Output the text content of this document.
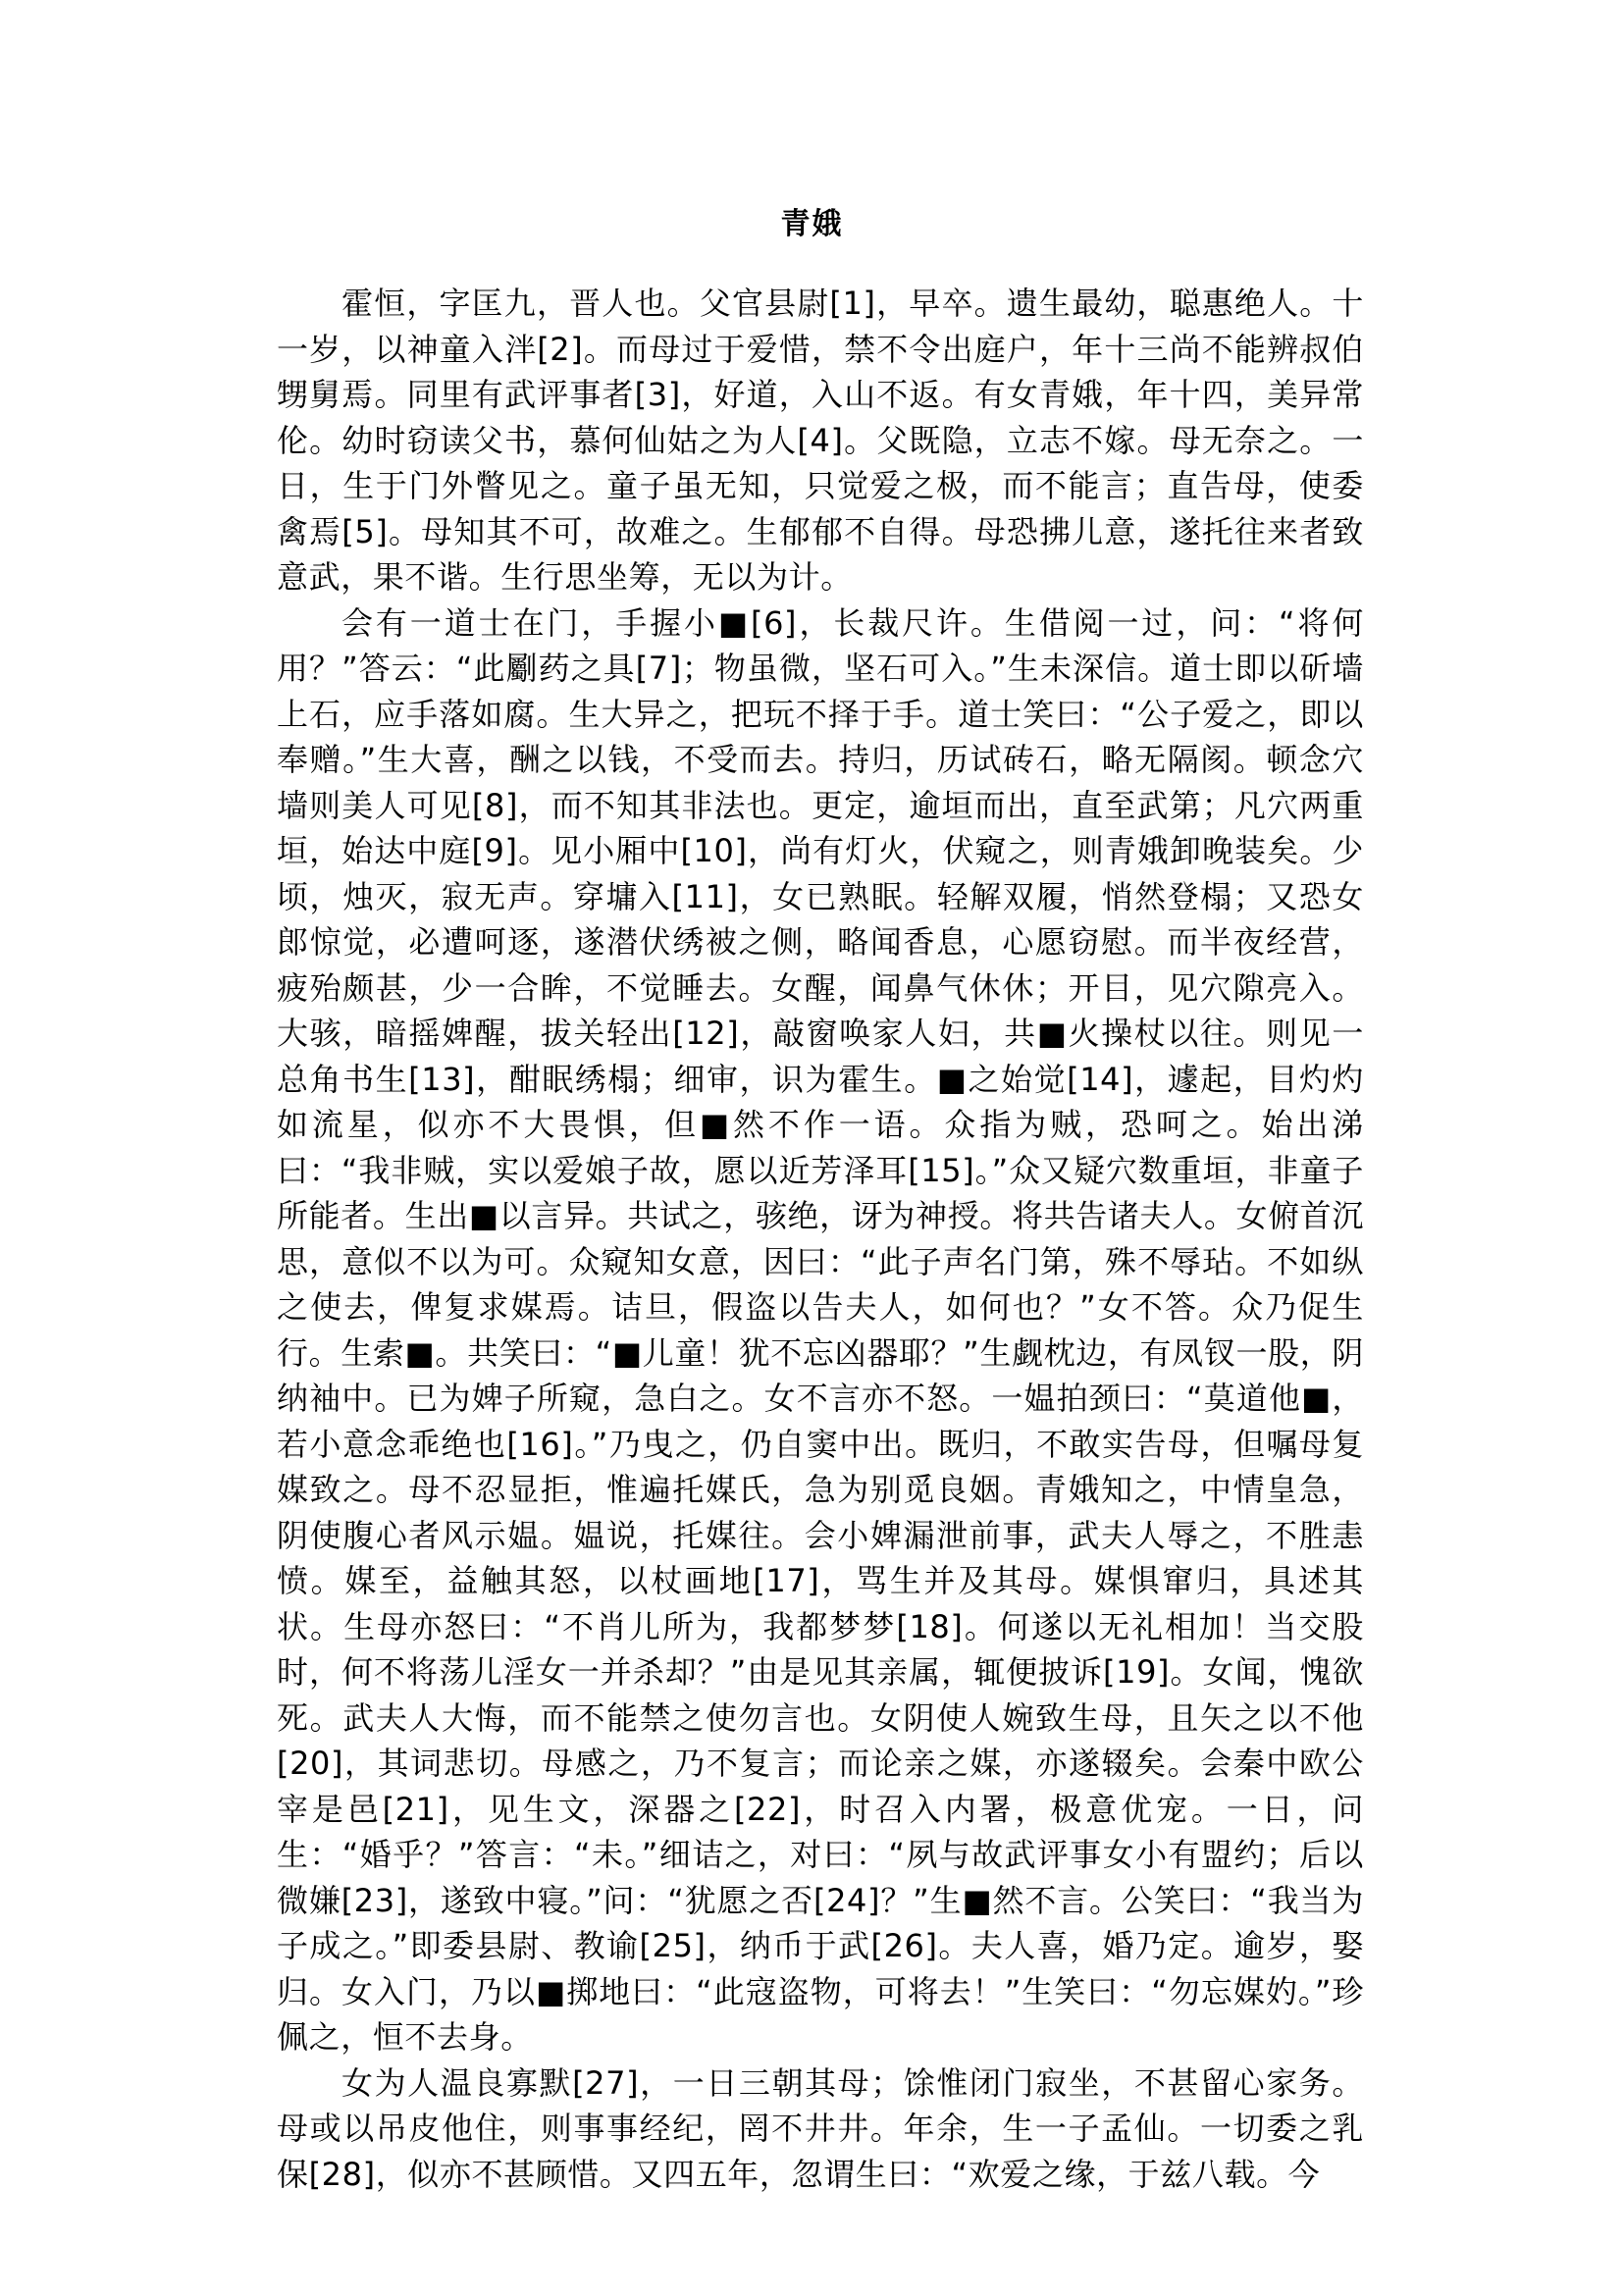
青娥

霍恒，字匡九，晋人也。父官县尉[1]，早卒。遗生最幼，聪惠绝人。十一岁，以神童入泮[2]。而母过于爱惜，禁不令出庭户，年十三尚不能辨叔伯甥舅焉。同里有武评事者[3]，好道，入山不返。有女青娥，年十四，美异常伦。幼时窃读父书，慕何仙姑之为人[4]。父既隐，立志不嫁。母无奈之。一日，生于门外瞥见之。童子虽无知，只觉爱之极，而不能言；直告母，使委禽焉[5]。母知其不可，故难之。生郁郁不自得。母恐拂儿意，遂托往来者致意武，果不谐。生行思坐筹，无以为计。

会有一道士在门，手握小■[6]，长裁尺许。生借阅一过，问：“将何用？”答云：“此劚药之具[7]；物虽微，坚石可入。”生未深信。道士即以斫墙上石，应手落如腐。生大异之，把玩不择于手。道士笑曰：“公子爱之，即以奉赠。”生大喜，酬之以钱，不受而去。持归，历试砖石，略无隔阂。顿念穴墙则美人可见[8]，而不知其非法也。更定，逾垣而出，直至武第；凡穴两重垣，始达中庭[9]。见小厢中[10]，尚有灯火，伏窥之，则青娥卸晚装矣。少顷，烛灭，寂无声。穿墉入[11]，女已熟眠。轻解双履，悄然登榻；又恐女郎惊觉，必遭呵逐，遂潜伏绣被之侧，略闻香息，心愿窃慰。而半夜经营，疲殆颇甚，少一合眸，不觉睡去。女醒，闻鼻气休休；开目，见穴隙亮入。大骇，暗摇婢醒，拔关轻出[12]，敲窗唤家人妇，共■火操杖以往。则见一总角书生[13]，酣眠绣榻；细审，识为霍生。■之始觉[14]，遽起，目灼灼如流星，似亦不大畏惧，但■然不作一语。众指为贼，恐呵之。始出涕曰：“我非贼，实以爱娘子故，愿以近芳泽耳[15]。”众又疑穴数重垣，非童子所能者。生出■以言异。共试之，骇绝，讶为神授。将共告诸夫人。女俯首沉思，意似不以为可。众窥知女意，因曰：“此子声名门第，殊不辱玷。不如纵之使去，俾复求媒焉。诘旦，假盗以告夫人，如何也？”女不答。众乃促生行。生索■。共笑曰：“■儿童！犹不忘凶器耶？”生觑枕边，有凤钗一股，阴纳袖中。已为婢子所窥，急白之。女不言亦不怒。一媪拍颈曰：“莫道他■，若小意念乖绝也[16]。”乃曳之，仍自窦中出。既归，不敢实告母，但嘱母复媒致之。母不忍显拒，惟遍托媒氏，急为别觅良姻。青娥知之，中情皇急，阴使腹心者风示媪。媪说，托媒往。会小婢漏泄前事，武夫人辱之，不胜恚愤。媒至，益触其怒，以杖画地[17]，骂生并及其母。媒惧窜归，具述其状。生母亦怒曰：“不肖儿所为，我都梦梦[18]。何遂以无礼相加！当交股时，何不将荡儿淫女一并杀却？”由是见其亲属，辄便披诉[19]。女闻，愧欲死。武夫人大悔，而不能禁之使勿言也。女阴使人婉致生母，且矢之以不他[20]，其词悲切。母感之，乃不复言；而论亲之媒，亦遂辍矣。会秦中欧公宰是邑[21]，见生文，深器之[22]，时召入内署，极意优宠。一日，问生：“婚乎？”答言：“未。”细诘之，对曰：“夙与故武评事女小有盟约；后以微嫌[23]，遂致中寝。”问：“犹愿之否[24]？”生■然不言。公笑曰：“我当为子成之。”即委县尉、教谕[25]，纳币于武[26]。夫人喜，婚乃定。逾岁，娶归。女入门，乃以■掷地曰：“此寇盗物，可将去！”生笑曰：“勿忘媒妁。”珍佩之，恒不去身。

女为人温良寡默[27]，一日三朝其母；馀惟闭门寂坐，不甚留心家务。母或以吊皮他住，则事事经纪，罔不井井。年余，生一子孟仙。一切委之乳保[28]，似亦不甚顾惜。又四五年，忽谓生曰：“欢爱之缘，于兹八载。今
